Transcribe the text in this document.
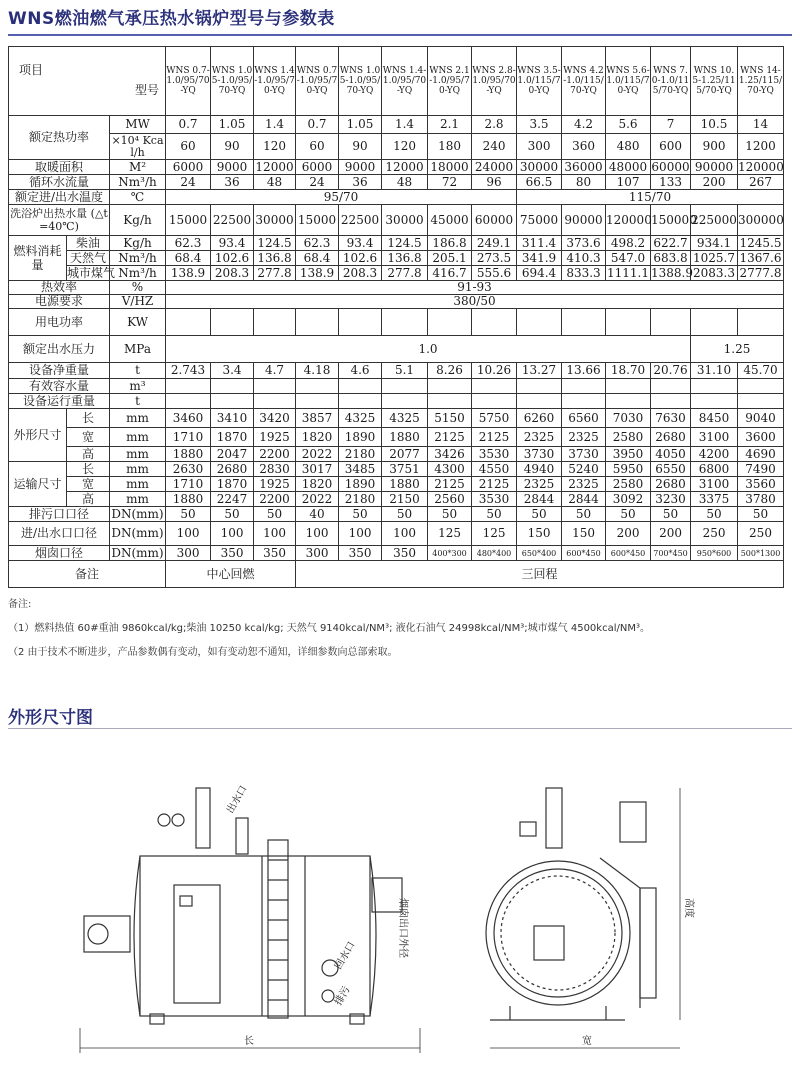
WNS燃油燃气承压热水锅炉型号与参数表
型号
项目			WNS 0.7-1.0/95/70-YQ	WNS 1.05-1.0/95/70-YQ	WNS 1.4-1.0/95/70-YQ	WNS 0.7-1.0/95/70-YQ	WNS 1.05-1.0/95/70-YQ	WNS 1.4-1.0/95/70-YQ	WNS 2.1-1.0/95/70-YQ	WNS 2.8-1.0/95/70-YQ	WNS 3.5-1.0/115/70-YQ	WNS 4.2-1.0/115/70-YQ	WNS 5.6-1.0/115/70-YQ	WNS 7.0-1.0/115/70-YQ	WNS 10.5-1.25/115/70-YQ	WNS 14-1.25/115/70-YQ
额定热功率		MW	0.7	1.05	1.4	0.7	1.05	1.4	2.1	2.8	3.5	4.2	5.6	7	10.5	14
		×10⁴ Kcal/h	60	90	120	60	90	120	180	240	300	360	480	600	900	1200
取暖面积		M²	6000	9000	12000	6000	9000	12000	18000	24000	30000	36000	48000	60000	90000	120000
循环水流量		Nm³/h	24	36	48	24	36	48	72	96	66.5	80	107	133	200	267
额定进/出水温度		℃	95/70								115/70					
洗浴炉出热水量 (△t=40℃)		Kg/h	15000	22500	30000	15000	22500	30000	45000	60000	75000	90000	120000	150000	225000	300000
燃料消耗量	柴油	Kg/h	62.3	93.4	124.5	62.3	93.4	124.5	186.8	249.1	311.4	373.6	498.2	622.7	934.1	1245.5
	天然气	Nm³/h	68.4	102.6	136.8	68.4	102.6	136.8	205.1	273.5	341.9	410.3	547.0	683.8	1025.7	1367.6
	城市煤气	Nm³/h	138.9	208.3	277.8	138.9	208.3	277.8	416.7	555.6	694.4	833.3	1111.1	1388.9	2083.3	2777.8
热效率		%	91-93													
电源要求		V/HZ	380/50													
用电功率		KW														
额定出水压力		MPa	1.0												1.25	
设备净重量		t	2.743	3.4	4.7	4.18	4.6	5.1	8.26	10.26	13.27	13.66	18.70	20.76	31.10	45.70
有效容水量		m³														
设备运行重量		t														
外形尺寸	长	mm	3460	3410	3420	3857	4325	4325	5150	5750	6260	6560	7030	7630	8450	9040
	宽	mm	1710	1870	1925	1820	1890	1880	2125	2125	2325	2325	2580	2680	3100	3600
	高	mm	1880	2047	2200	2022	2180	2077	3426	3530	3730	3730	3950	4050	4200	4690
运输尺寸	长	mm	2630	2680	2830	3017	3485	3751	4300	4550	4940	5240	5950	6550	6800	7490
	宽	mm	1710	1870	1925	1820	1890	1880	2125	2125	2325	2325	2580	2680	3100	3560
	高	mm	1880	2247	2200	2022	2180	2150	2560	3530	2844	2844	3092	3230	3375	3780
排污口口径		DN(mm)	50	50	50	40	50	50	50	50	50	50	50	50	50	50
进/出水口口径		DN(mm)	100	100	100	100	100	100	125	125	150	150	200	200	250	250
烟囱口径		DN(mm)	300	350	350	300	350	350	400*300	480*400	650*400	600*450	600*450	700*450	950*600	500*1300
备注			中心回燃			三回程										
备注:
（1）燃料热值 60#重油 9860kcal/kg;柴油 10250 kcal/kg; 天然气 9140kcal/NM³; 液化石油气 24998kcal/NM³;城市煤气 4500kcal/NM³。
（2 由于技术不断进步，产品参数偶有变动，如有变动恕不通知，详细参数向总部索取。
外形尺寸图
出水口
回水口
排污
烟囱出口外径
长
高度
宽
